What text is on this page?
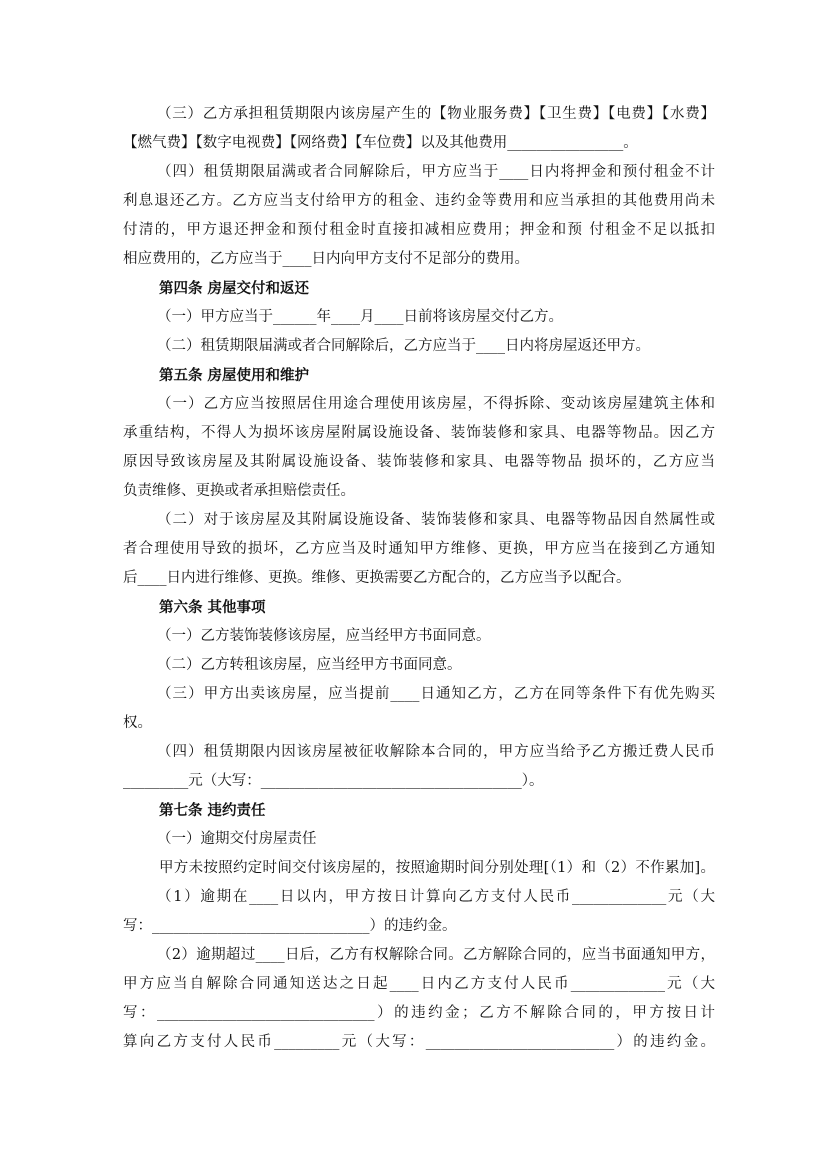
（三）乙方承担租赁期限内该房屋产生的【物业服务费】【卫生费】【电费】【水费】

【燃气费】【数字电视费】【网络费】【车位费】以及其他费用________________。

（四）租赁期限届满或者合同解除后，甲方应当于____日内将押金和预付租金不计

利息退还乙方。乙方应当支付给甲方的租金、违约金等费用和应当承担的其他费用尚未

付清的，甲方退还押金和预付租金时直接扣减相应费用；押金和预 付租金不足以抵扣

相应费用的，乙方应当于____日内向甲方支付不足部分的费用。

第四条 房屋交付和返还

（一）甲方应当于______年____月____日前将该房屋交付乙方。

（二）租赁期限届满或者合同解除后，乙方应当于____日内将房屋返还甲方。

第五条 房屋使用和维护

（一）乙方应当按照居住用途合理使用该房屋，不得拆除、变动该房屋建筑主体和

承重结构，不得人为损坏该房屋附属设施设备、装饰装修和家具、电器等物品。因乙方

原因导致该房屋及其附属设施设备、装饰装修和家具、电器等物品 损坏的，乙方应当

负责维修、更换或者承担赔偿责任。

（二）对于该房屋及其附属设施设备、装饰装修和家具、电器等物品因自然属性或

者合理使用导致的损坏，乙方应当及时通知甲方维修、更换，甲方应当在接到乙方通知

后____日内进行维修、更换。维修、更换需要乙方配合的，乙方应当予以配合。

第六条 其他事项

（一）乙方装饰装修该房屋，应当经甲方书面同意。

（二）乙方转租该房屋，应当经甲方书面同意。

（三）甲方出卖该房屋，应当提前____日通知乙方，乙方在同等条件下有优先购买

权。

（四）租赁期限内因该房屋被征收解除本合同的，甲方应当给予乙方搬迁费人民币

_________元（大写：____________________________________）。

第七条 违约责任

（一）逾期交付房屋责任

甲方未按照约定时间交付该房屋的，按照逾期时间分别处理[（1）和（2）不作累加]。

（1）逾期在____日以内，甲方按日计算向乙方支付人民币_____________元（大

写：______________________________）的违约金。

（2）逾期超过____日后，乙方有权解除合同。乙方解除合同的，应当书面通知甲方，

甲方应当自解除合同通知送达之日起____日内乙方支付人民币_____________元（大

写：______________________________）的违约金；乙方不解除合同的，甲方按日计

算向乙方支付人民币_________元（大写：__________________________）的违约金。
